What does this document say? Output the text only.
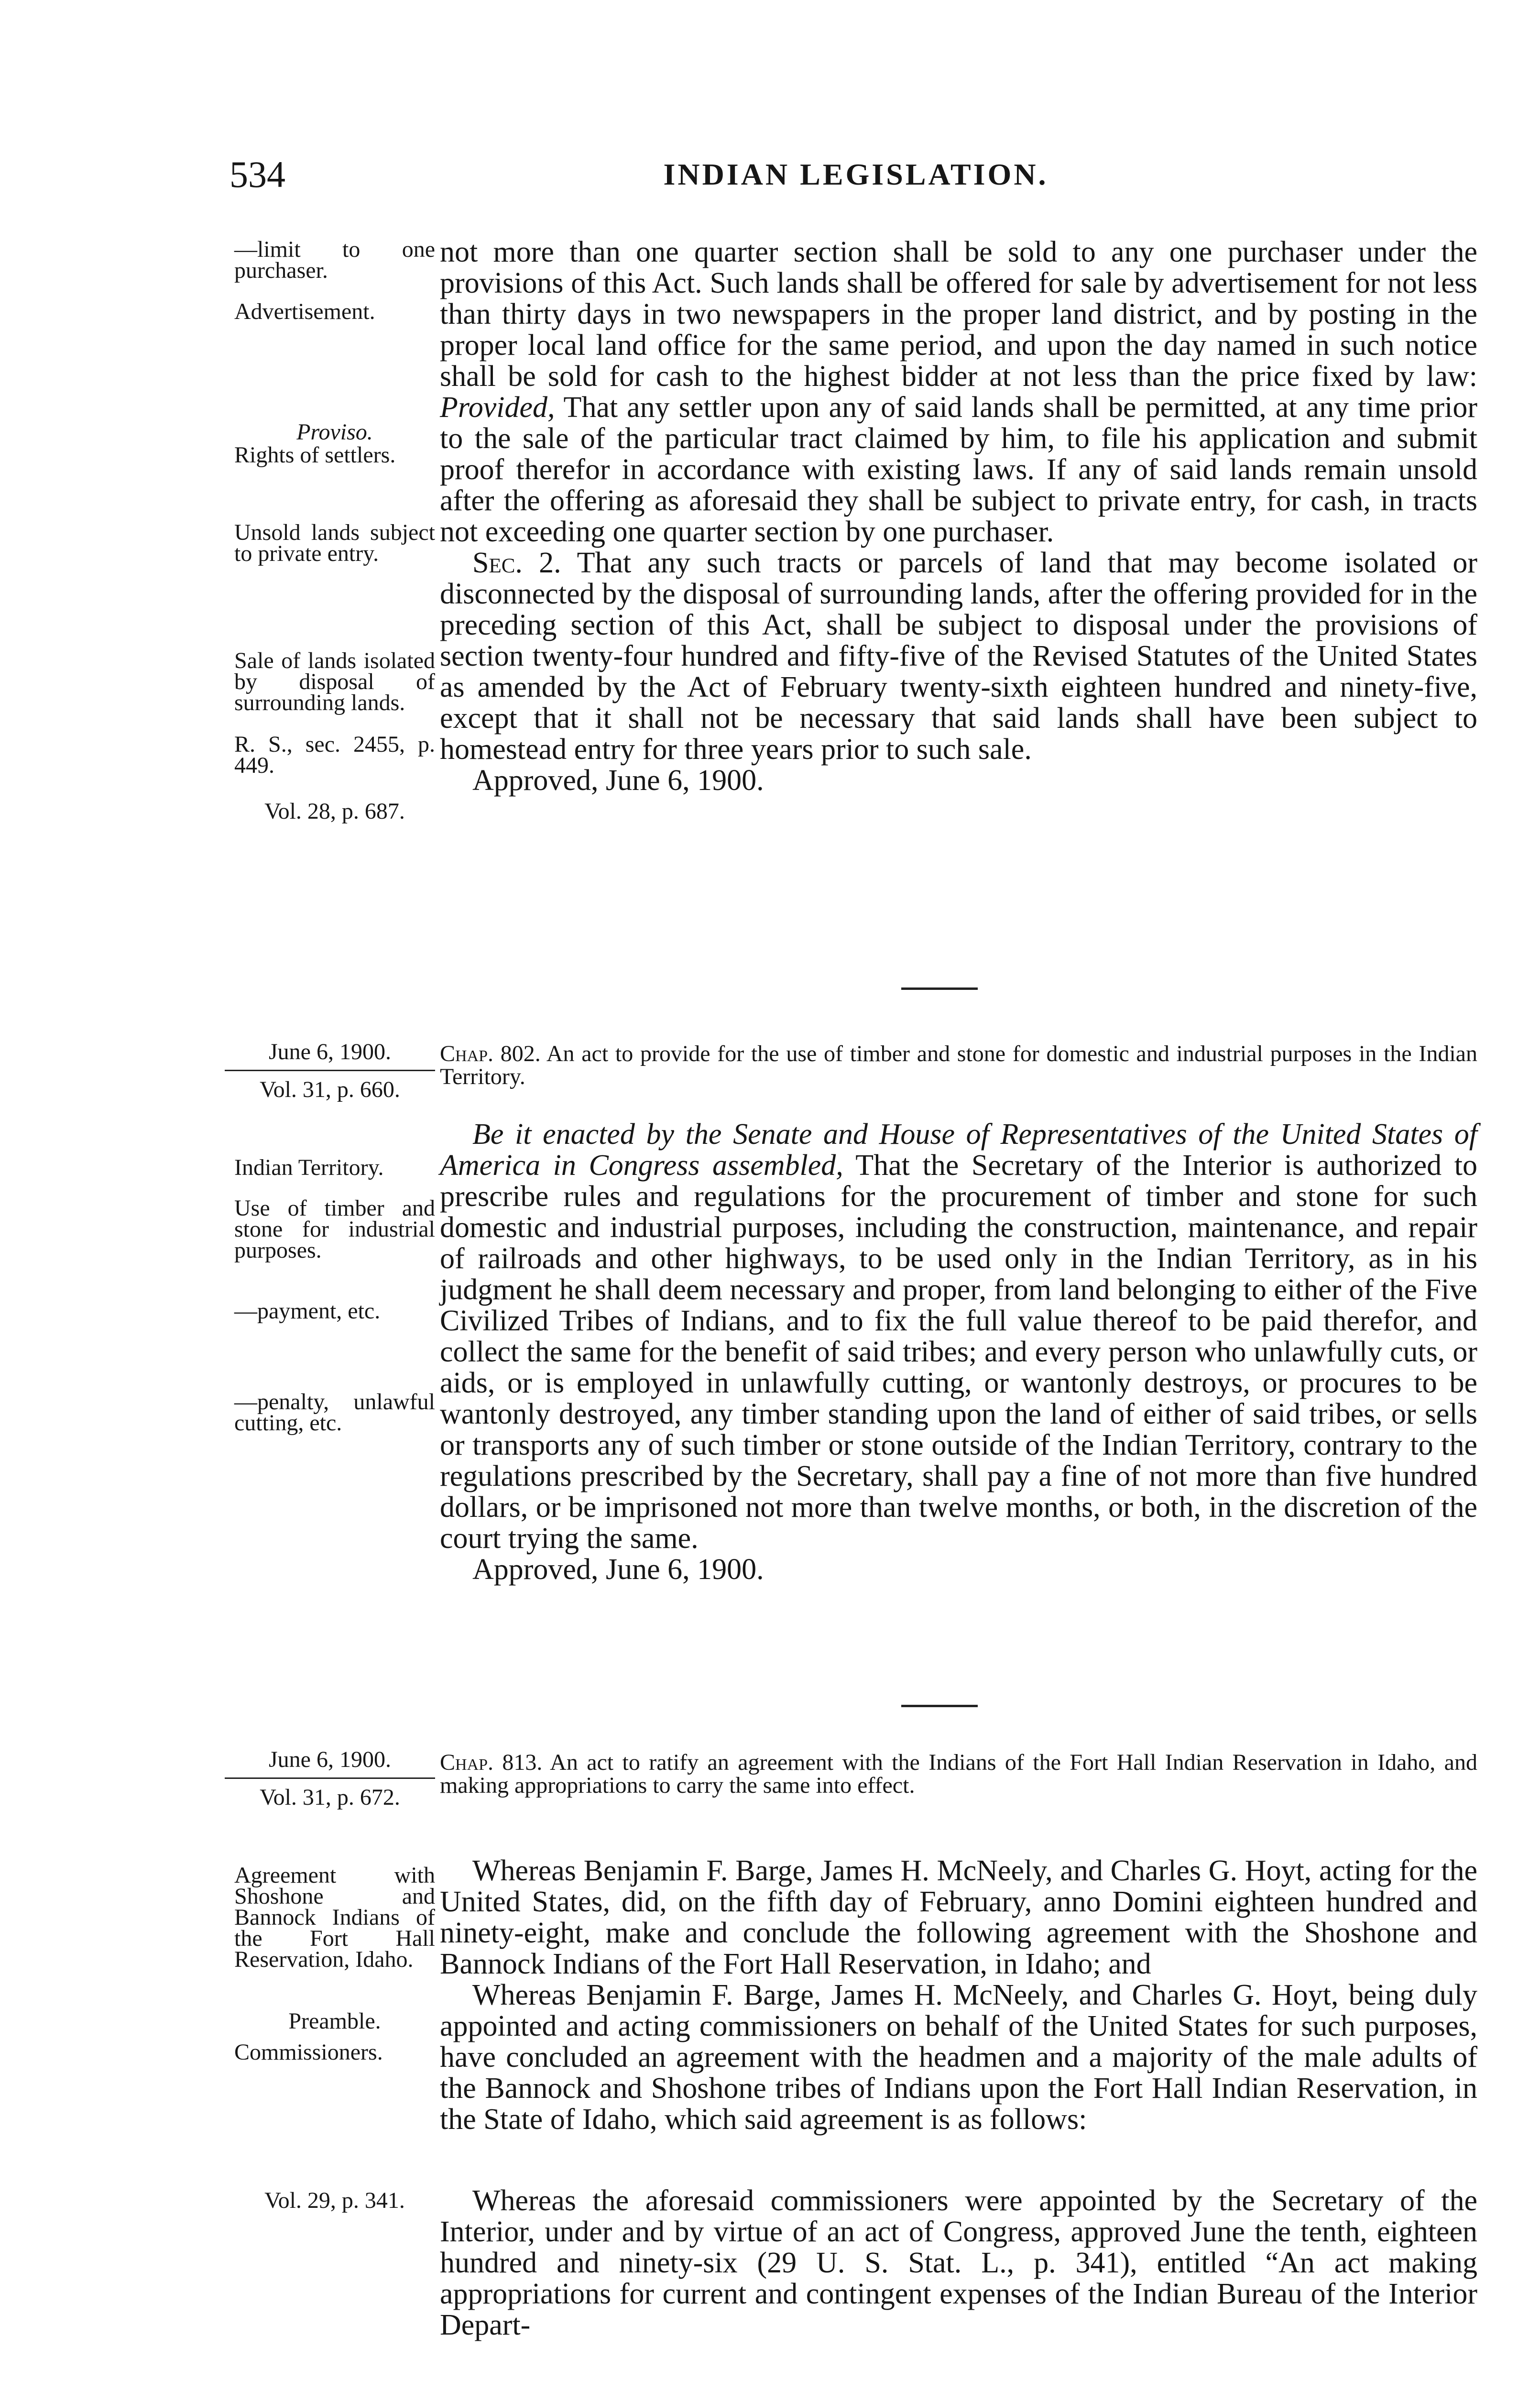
534	INDIAN LEGISLATION.
—limit to one purchaser.
Advertisement.
Proviso.
Rights of settlers.
Unsold lands subject to private entry.
Sale of lands isolated by disposal of surrounding lands.
R. S., sec. 2455, p. 449.
Vol. 28, p. 687.

not more than one quarter section shall be sold to any one purchaser under the provisions of this Act. Such lands shall be offered for sale by advertisement for not less than thirty days in two newspapers in the proper land district, and by posting in the proper local land office for the same period, and upon the day named in such notice shall be sold for cash to the highest bidder at not less than the price fixed by law: Provided, That any settler upon any of said lands shall be permitted, at any time prior to the sale of the particular tract claimed by him, to file his application and submit proof therefor in accordance with existing laws. If any of said lands remain unsold after the offering as aforesaid they shall be subject to private entry, for cash, in tracts not exceeding one quarter section by one purchaser.

Sec. 2. That any such tracts or parcels of land that may become isolated or disconnected by the disposal of surrounding lands, after the offering provided for in the preceding section of this Act, shall be subject to disposal under the provisions of section twenty-four hundred and fifty-five of the Revised Statutes of the United States as amended by the Act of February twenty-sixth eighteen hundred and ninety-five, except that it shall not be necessary that said lands shall have been subject to homestead entry for three years prior to such sale.

Approved, June 6, 1900.

June 6, 1900.
Vol. 31, p. 660.
Chap. 802. An act to provide for the use of timber and stone for domestic and industrial purposes in the Indian Territory.
Indian Territory.
Use of timber and stone for industrial purposes.
—payment, etc.
—penalty, unlawful cutting, etc.

Be it enacted by the Senate and House of Representatives of the United States of America in Congress assembled, That the Secretary of the Interior is authorized to prescribe rules and regulations for the procurement of timber and stone for such domestic and industrial purposes, including the construction, maintenance, and repair of railroads and other highways, to be used only in the Indian Territory, as in his judgment he shall deem necessary and proper, from land belonging to either of the Five Civilized Tribes of Indians, and to fix the full value thereof to be paid therefor, and collect the same for the benefit of said tribes; and every person who unlawfully cuts, or aids, or is employed in unlawfully cutting, or wantonly destroys, or procures to be wantonly destroyed, any timber standing upon the land of either of said tribes, or sells or transports any of such timber or stone outside of the Indian Territory, contrary to the regulations prescribed by the Secretary, shall pay a fine of not more than five hundred dollars, or be imprisoned not more than twelve months, or both, in the discretion of the court trying the same.

Approved, June 6, 1900.

June 6, 1900.
Vol. 31, p. 672.
Chap. 813. An act to ratify an agreement with the Indians of the Fort Hall Indian Reservation in Idaho, and making appropriations to carry the same into effect.
Agreement with Shoshone and Bannock Indians of the Fort Hall Reservation, Idaho.
Preamble.
Commissioners.

Whereas Benjamin F. Barge, James H. McNeely, and Charles G. Hoyt, acting for the United States, did, on the fifth day of February, anno Domini eighteen hundred and ninety-eight, make and conclude the following agreement with the Shoshone and Bannock Indians of the Fort Hall Reservation, in Idaho; and

Whereas Benjamin F. Barge, James H. McNeely, and Charles G. Hoyt, being duly appointed and acting commissioners on behalf of the United States for such purposes, have concluded an agreement with the headmen and a majority of the male adults of the Bannock and Shoshone tribes of Indians upon the Fort Hall Indian Reservation, in the State of Idaho, which said agreement is as follows:

Vol. 29, p. 341.	Whereas the aforesaid commissioners were appointed by the Secretary of the Interior, under and by virtue of an act of Congress, approved June the tenth, eighteen hundred and ninety-six (29 U. S. Stat. L., p. 341), entitled “An act making appropriations for current and contingent expenses of the Indian Bureau of the Interior Depart-
